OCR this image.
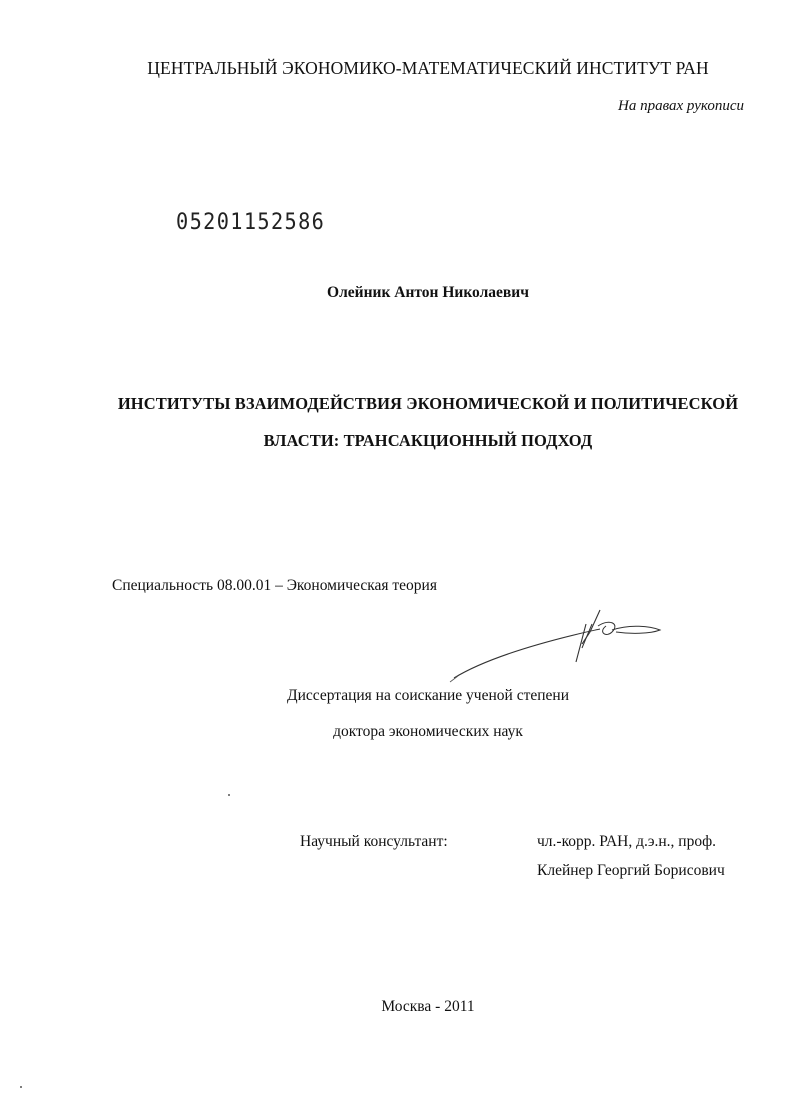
ЦЕНТРАЛЬНЫЙ ЭКОНОМИКО-МАТЕМАТИЧЕСКИЙ ИНСТИТУТ РАН
На правах рукописи
05201152586
Олейник Антон Николаевич
ИНСТИТУТЫ ВЗАИМОДЕЙСТВИЯ ЭКОНОМИЧЕСКОЙ И ПОЛИТИЧЕСКОЙ
ВЛАСТИ: ТРАНСАКЦИОННЫЙ ПОДХОД
Специальность 08.00.01 – Экономическая теория
Диссертация на соискание ученой степени
доктора экономических наук
Научный консультант:	чл.-корр. РАН, д.э.н., проф.
Клейнер Георгий Борисович
Москва - 2011
